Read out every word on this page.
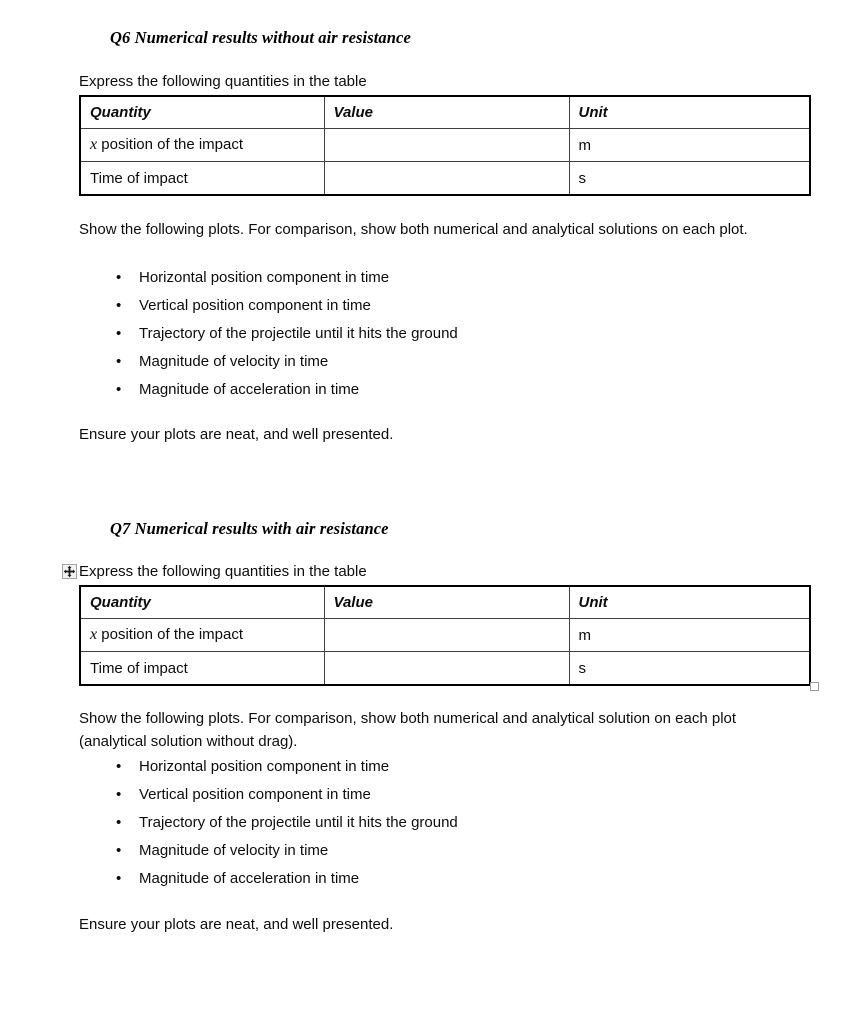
Q6 Numerical results without air resistance

Express the following quantities in the table

Quantity	Value	Unit
x position of the impact		m
Time of impact		s

Show the following plots. For comparison, show both numerical and analytical solutions on each plot.

• Horizontal position component in time
• Vertical position component in time
• Trajectory of the projectile until it hits the ground
• Magnitude of velocity in time
• Magnitude of acceleration in time

Ensure your plots are neat, and well presented.

Q7 Numerical results with air resistance

Express the following quantities in the table

Quantity	Value	Unit
x position of the impact		m
Time of impact		s

Show the following plots. For comparison, show both numerical and analytical solution on each plot (analytical solution without drag).

• Horizontal position component in time
• Vertical position component in time
• Trajectory of the projectile until it hits the ground
• Magnitude of velocity in time
• Magnitude of acceleration in time

Ensure your plots are neat, and well presented.
